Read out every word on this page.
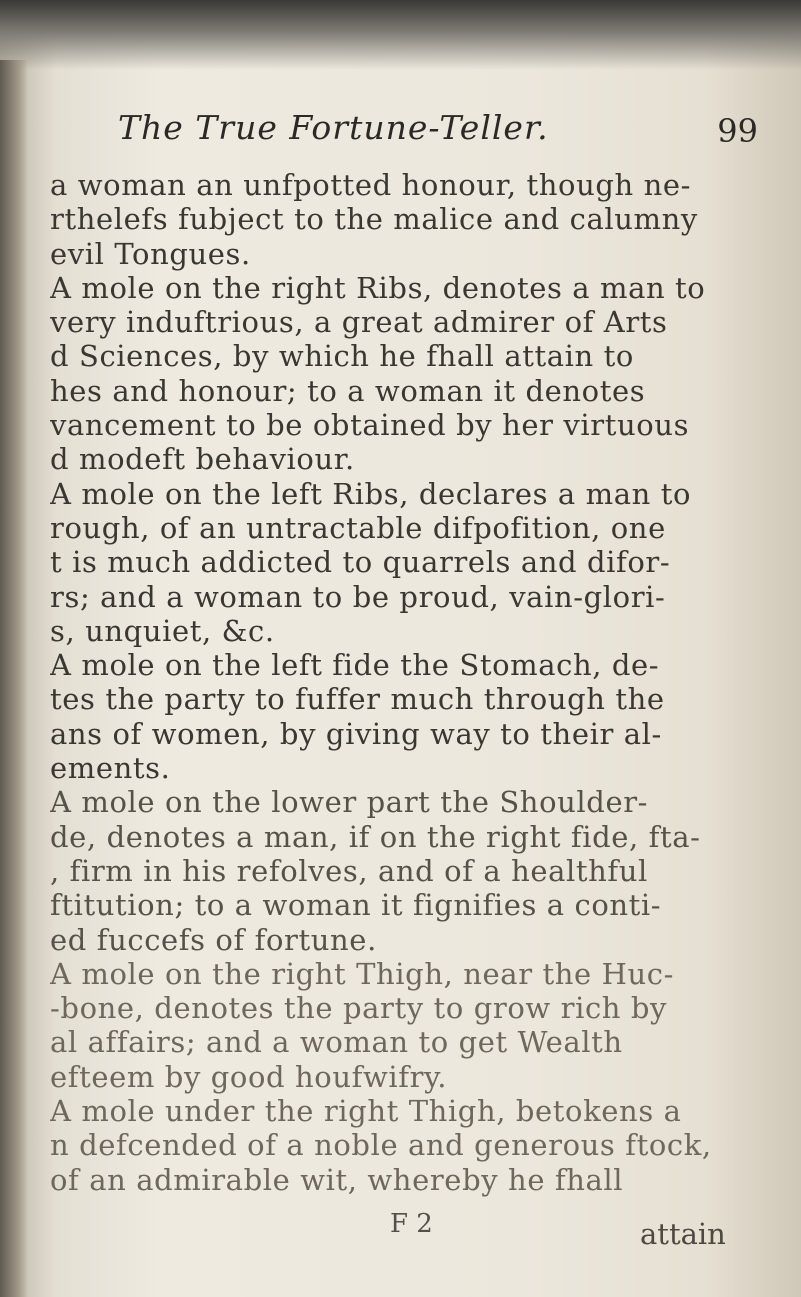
The True Fortune-Teller.	99
a woman an unfpotted honour, though ne-
rthelefs fubject to the malice and calumny
evil Tongues.
A mole on the right Ribs, denotes a man to
very induftrious, a great admirer of Arts
d Sciences, by which he fhall attain to
hes and honour; to a woman it denotes
vancement to be obtained by her virtuous
d modeft behaviour.
A mole on the left Ribs, declares a man to
rough, of an untractable difpofition, one
t is much addicted to quarrels and difor-
rs; and a woman to be proud, vain-glori-
s, unquiet, &c.
A mole on the left fide the Stomach, de-
tes the party to fuffer much through the
ans of women, by giving way to their al-
ements.
A mole on the lower part the Shoulder-
de, denotes a man, if on the right fide, fta-
, firm in his refolves, and of a healthful
ftitution; to a woman it fignifies a conti-
ed fuccefs of fortune.
A mole on the right Thigh, near the Huc-
-bone, denotes the party to grow rich by
al affairs; and a woman to get Wealth
efteem by good houfwifry.
A mole under the right Thigh, betokens a
n defcended of a noble and generous ftock,
of an admirable wit, whereby he fhall
F 2	attain
